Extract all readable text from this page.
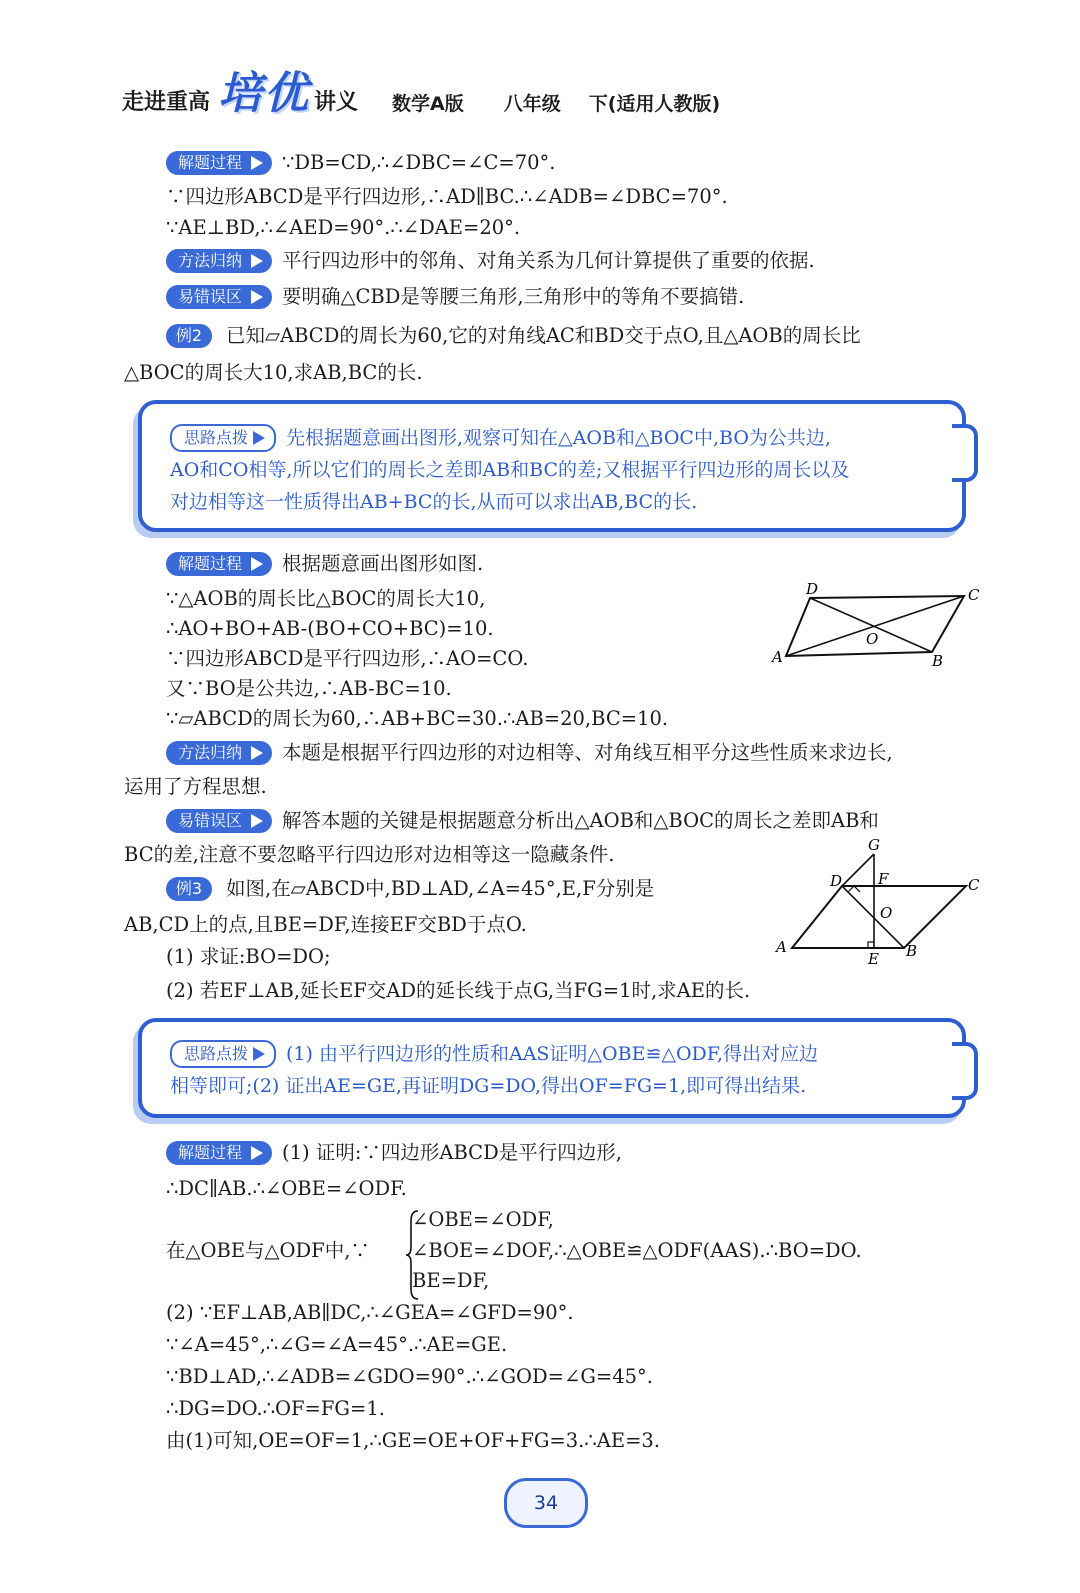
走进重高 培优 讲义 数学A版 八年级 下(适用人教版)
解题过程 ∵DB=CD,∴∠DBC=∠C=70°.
∵四边形ABCD是平行四边形,∴AD∥BC.∴∠ADB=∠DBC=70°.
∵AE⊥BD,∴∠AED=90°.∴∠DAE=20°.
方法归纳 平行四边形中的邻角、对角关系为几何计算提供了重要的依据.
易错误区 要明确△CBD是等腰三角形,三角形中的等角不要搞错.
例2 已知▱ABCD的周长为60,它的对角线AC和BD交于点O,且△AOB的周长比
△BOC的周长大10,求AB,BC的长.
思路点拨 先根据题意画出图形,观察可知在△AOB和△BOC中,BO为公共边,
AO和CO相等,所以它们的周长之差即AB和BC的差;又根据平行四边形的周长以及
对边相等这一性质得出AB+BC的长,从而可以求出AB,BC的长.
解题过程 根据题意画出图形如图.
∵△AOB的周长比△BOC的周长大10,
∴AO+BO+AB-(BO+CO+BC)=10.
∵四边形ABCD是平行四边形,∴AO=CO.
又∵BO是公共边,∴AB-BC=10.
∵▱ABCD的周长为60,∴AB+BC=30.∴AB=20,BC=10.
D	C
O
A	B
方法归纳 本题是根据平行四边形的对边相等、对角线互相平分这些性质来求边长,
运用了方程思想.
易错误区 解答本题的关键是根据题意分析出△AOB和△BOC的周长之差即AB和
BC的差,注意不要忽略平行四边形对边相等这一隐藏条件.
例3 如图,在▱ABCD中,BD⊥AD,∠A=45°,E,F分别是
AB,CD上的点,且BE=DF,连接EF交BD于点O.
(1) 求证:BO=DO;
(2) 若EF⊥AB,延长EF交AD的延长线于点G,当FG=1时,求AE的长.
G
D F	C
O
A
E B
思路点拨 (1) 由平行四边形的性质和AAS证明△OBE≌△ODF,得出对应边
相等即可;(2) 证出AE=GE,再证明DG=DO,得出OF=FG=1,即可得出结果.
解题过程 (1) 证明:∵四边形ABCD是平行四边形,
∴DC∥AB.∴∠OBE=∠ODF.
在△OBE与△ODF中,∵
∠OBE=∠ODF,
∠BOE=∠DOF,∴△OBE≌△ODF(AAS).∴BO=DO.
BE=DF,
(2) ∵EF⊥AB,AB∥DC,∴∠GEA=∠GFD=90°.
∵∠A=45°,∴∠G=∠A=45°.∴AE=GE.
∵BD⊥AD,∴∠ADB=∠GDO=90°.∴∠GOD=∠G=45°.
∴DG=DO.∴OF=FG=1.
由(1)可知,OE=OF=1,∴GE=OE+OF+FG=3.∴AE=3.
34
